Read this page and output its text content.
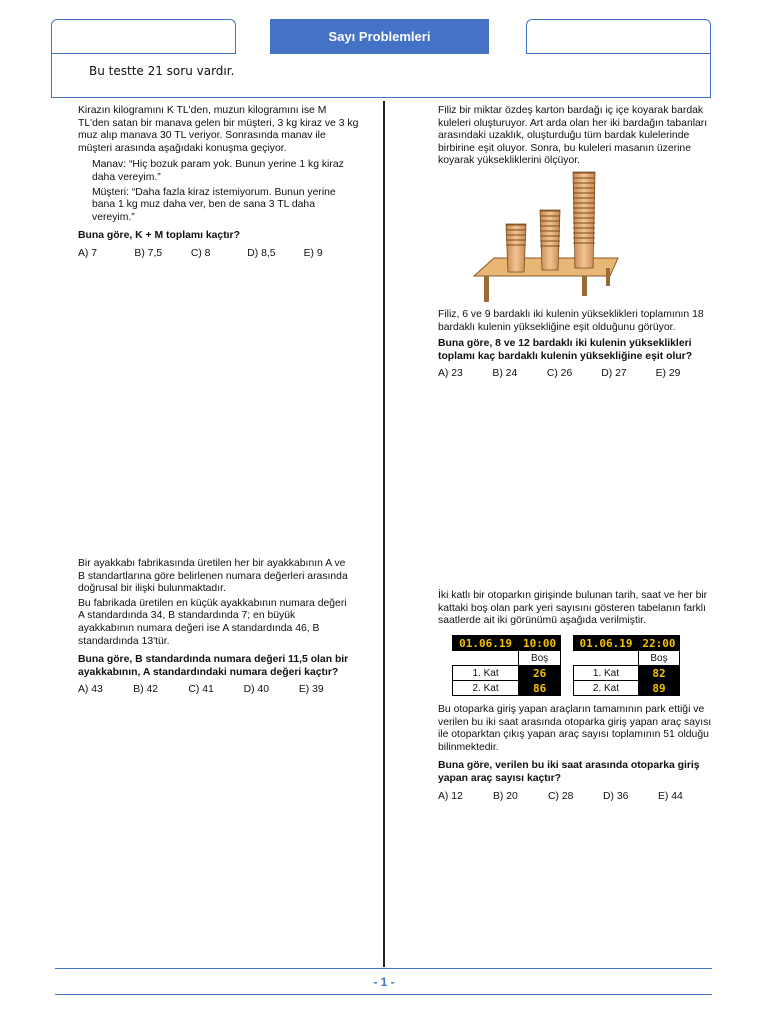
Sayı Problemleri
Bu testte 21 soru vardır.

Kirazın kilogramını K TL'den, muzun kilogramını ise M TL'den satan bir manava gelen bir müşteri, 3 kg kiraz ve 3 kg muz alıp manava 30 TL veriyor. Sonrasında manav ile müşteri arasında aşağıdaki konuşma geçiyor.

Manav: “Hiç bozuk param yok. Bunun yerine 1 kg kiraz daha vereyim.”

Müşteri: “Daha fazla kiraz istemiyorum. Bunun yerine bana 1 kg muz daha ver, ben de sana 3 TL daha vereyim.”

Buna göre, K + M toplamı kaçtır?

A) 7	B) 7,5	C) 8	D) 8,5	E) 9

Filiz bir miktar özdeş karton bardağı iç içe koyarak bardak kuleleri oluşturuyor. Art arda olan her iki bardağın tabanları arasındaki uzaklık, oluşturduğu tüm bardak kulelerinde birbirine eşit oluyor. Sonra, bu kuleleri masanın üzerine koyarak yüksekliklerini ölçüyor.

Filiz, 6 ve 9 bardaklı iki kulenin yükseklikleri toplamının 18 bardaklı kulenin yüksekliğine eşit olduğunu görüyor.

Buna göre, 8 ve 12 bardaklı iki kulenin yükseklikleri toplamı kaç bardaklı kulenin yüksekliğine eşit olur?

A) 23	B) 24	C) 26	D) 27	E) 29

Bir ayakkabı fabrikasında üretilen her bir ayakkabının A ve B standartlarına göre belirlenen numara değerleri arasında doğrusal bir ilişki bulunmaktadır.

Bu fabrikada üretilen en küçük ayakkabının numara değeri A standardında 34, B standardında 7; en büyük ayakkabının numara değeri ise A standardında 46, B standardında 13'tür.

Buna göre, B standardında numara değeri 11,5 olan bir ayakkabının, A standardındaki numara değeri kaçtır?

A) 43	B) 42	C) 41	D) 40	E) 39

İki katlı bir otoparkın girişinde bulunan tarih, saat ve her bir kattaki boş olan park yeri sayısını gösteren tabelanın farklı saatlerde ait iki görünümü aşağıda verilmiştir.

01.06.19	10:00
	Boş
1. Kat	26
2. Kat	86
01.06.19	22:00
	Boş
1. Kat	82
2. Kat	89

Bu otoparka giriş yapan araçların tamamının park ettiği ve verilen bu iki saat arasında otoparka giriş yapan araç sayısı ile otoparktan çıkış yapan araç sayısı toplamının 51 olduğu bilinmektedir.

Buna göre, verilen bu iki saat arasında otoparka giriş yapan araç sayısı kaçtır?

A) 12	B) 20	C) 28	D) 36	E) 44
- 1 -
